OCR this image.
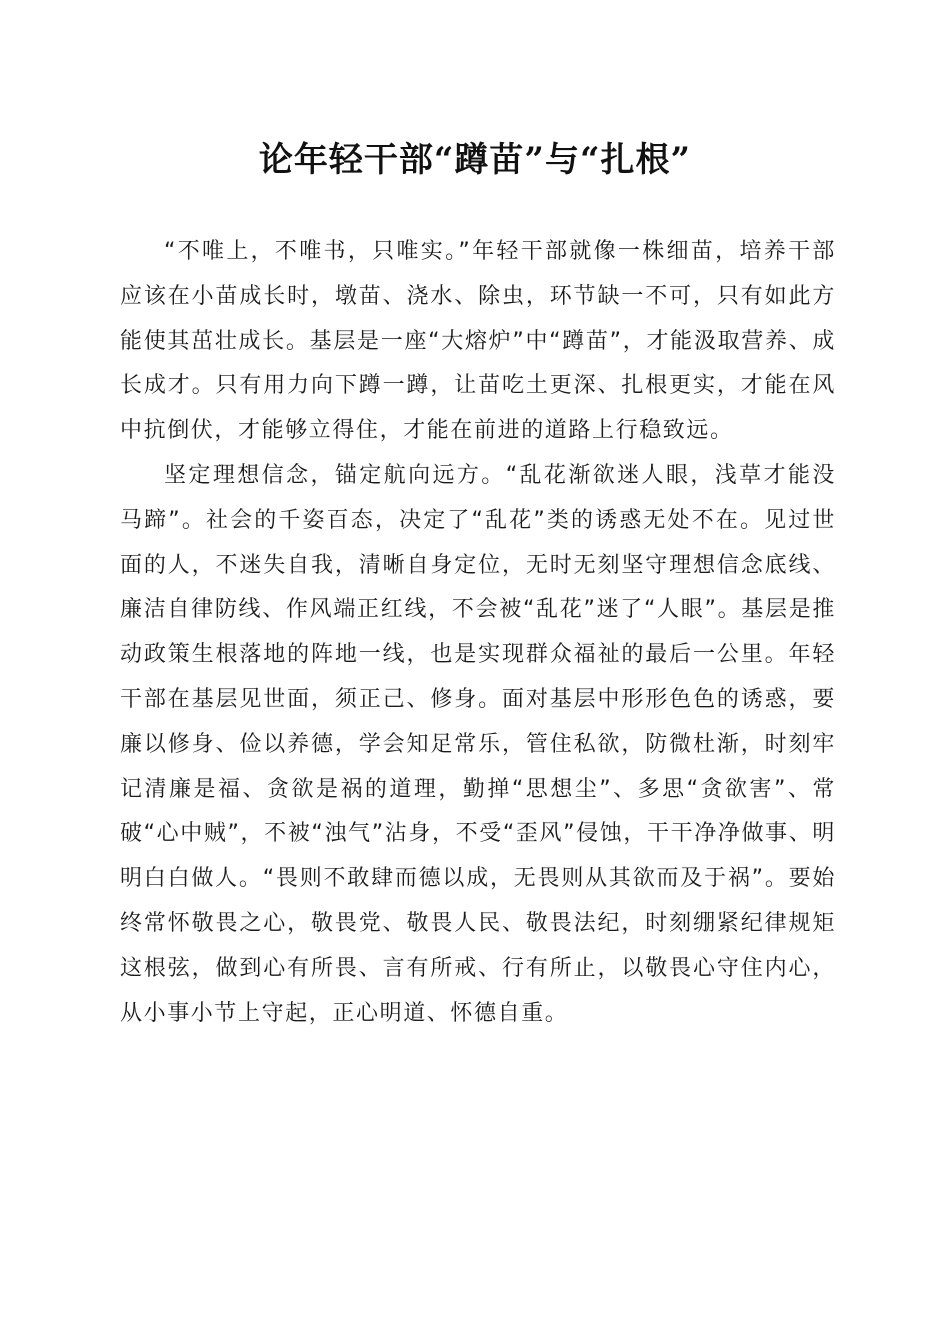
论年轻干部“蹲苗”与“扎根”

“不唯上，不唯书，只唯实。”年轻干部就像一株细苗，培养干部应该在小苗成长时，墩苗、浇水、除虫，环节缺一不可，只有如此方能使其茁壮成长。基层是一座“大熔炉”中“蹲苗”，才能汲取营养、成长成才。只有用力向下蹲一蹲，让苗吃土更深、扎根更实，才能在风中抗倒伏，才能够立得住，才能在前进的道路上行稳致远。

坚定理想信念，锚定航向远方。“乱花渐欲迷人眼，浅草才能没马蹄”。社会的千姿百态，决定了“乱花”类的诱惑无处不在。见过世面的人，不迷失自我，清晰自身定位，无时无刻坚守理想信念底线、廉洁自律防线、作风端正红线，不会被“乱花”迷了“人眼”。基层是推动政策生根落地的阵地一线，也是实现群众福祉的最后一公里。年轻干部在基层见世面，须正己、修身。面对基层中形形色色的诱惑，要廉以修身、俭以养德，学会知足常乐，管住私欲，防微杜渐，时刻牢记清廉是福、贪欲是祸的道理，勤掸“思想尘”、多思“贪欲害”、常破“心中贼”，不被“浊气”沾身，不受“歪风”侵蚀，干干净净做事、明明白白做人。“畏则不敢肆而德以成，无畏则从其欲而及于祸”。要始终常怀敬畏之心，敬畏党、敬畏人民、敬畏法纪，时刻绷紧纪律规矩这根弦，做到心有所畏、言有所戒、行有所止，以敬畏心守住内心，从小事小节上守起，正心明道、怀德自重。
